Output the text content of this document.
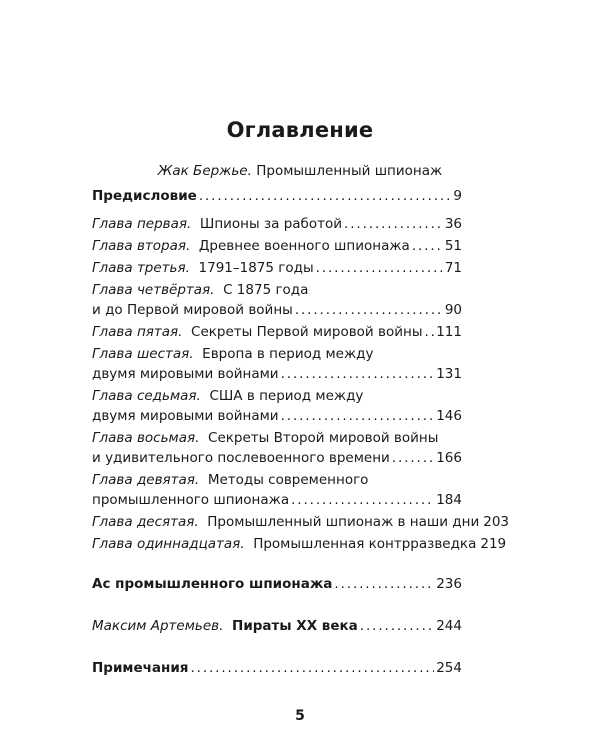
Оглавление
Жак Бержье. Промышленный шпионаж
Предисловие . . .	9
Глава первая. Шпионы за работой . . .	36
Глава вторая. Древнее военного шпионажа . . .	51
Глава третья. 1791–1875 годы . . .	71
Глава четвёртая. С 1875 года
и до Первой мировой войны . . .	90
Глава пятая. Секреты Первой мировой войны . . . 111
Глава шестая. Европа в период между
двумя мировыми войнами . . .	131
Глава седьмая. США в период между
двумя мировыми войнами . . .	146
Глава восьмая. Секреты Второй мировой войны
и удивительного послевоенного времени . . .	166
Глава девятая. Методы современного
промышленного шпионажа . . .	184
Глава десятая. Промышленный шпионаж в наши дни 203
Глава одиннадцатая. Промышленная контрразведка 219
Ас промышленного шпионажа . . .	236
Максим Артемьев. Пираты XX века . . .	244
Примечания . . .	254
5
